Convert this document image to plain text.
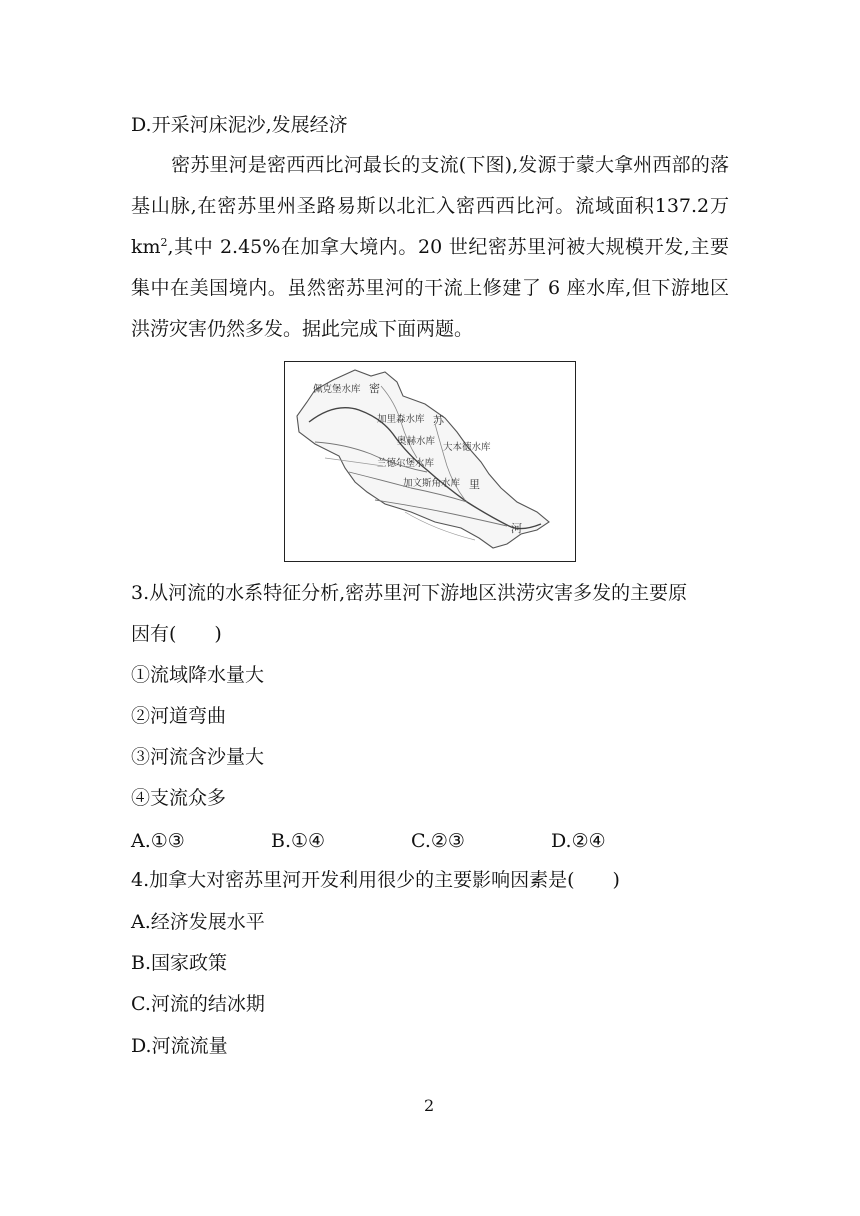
D.开采河床泥沙,发展经济
密苏里河是密西西比河最长的支流(下图),发源于蒙大拿州西部的落基山脉,在密苏里州圣路易斯以北汇入密西西比河。流域面积137.2万 $km^2$,其中 2.45%在加拿大境内。20 世纪密苏里河被大规模开发,主要集中在美国境内。虽然密苏里河的干流上修建了 6 座水库,但下游地区洪涝灾害仍然多发。据此完成下面两题。
佩克堡水库 密
加里森水库 苏
奥赫水库
大本德水库
兰德尔堡水库
加文斯角水库 里
河
3.从河流的水系特征分析,密苏里河下游地区洪涝灾害多发的主要原
因有(　　)
①流域降水量大
②河道弯曲
③河流含沙量大
④支流众多
A.①③	B.①④	C.②③	D.②④
4.加拿大对密苏里河开发利用很少的主要影响因素是(　　)
A.经济发展水平
B.国家政策
C.河流的结冰期
D.河流流量
2
